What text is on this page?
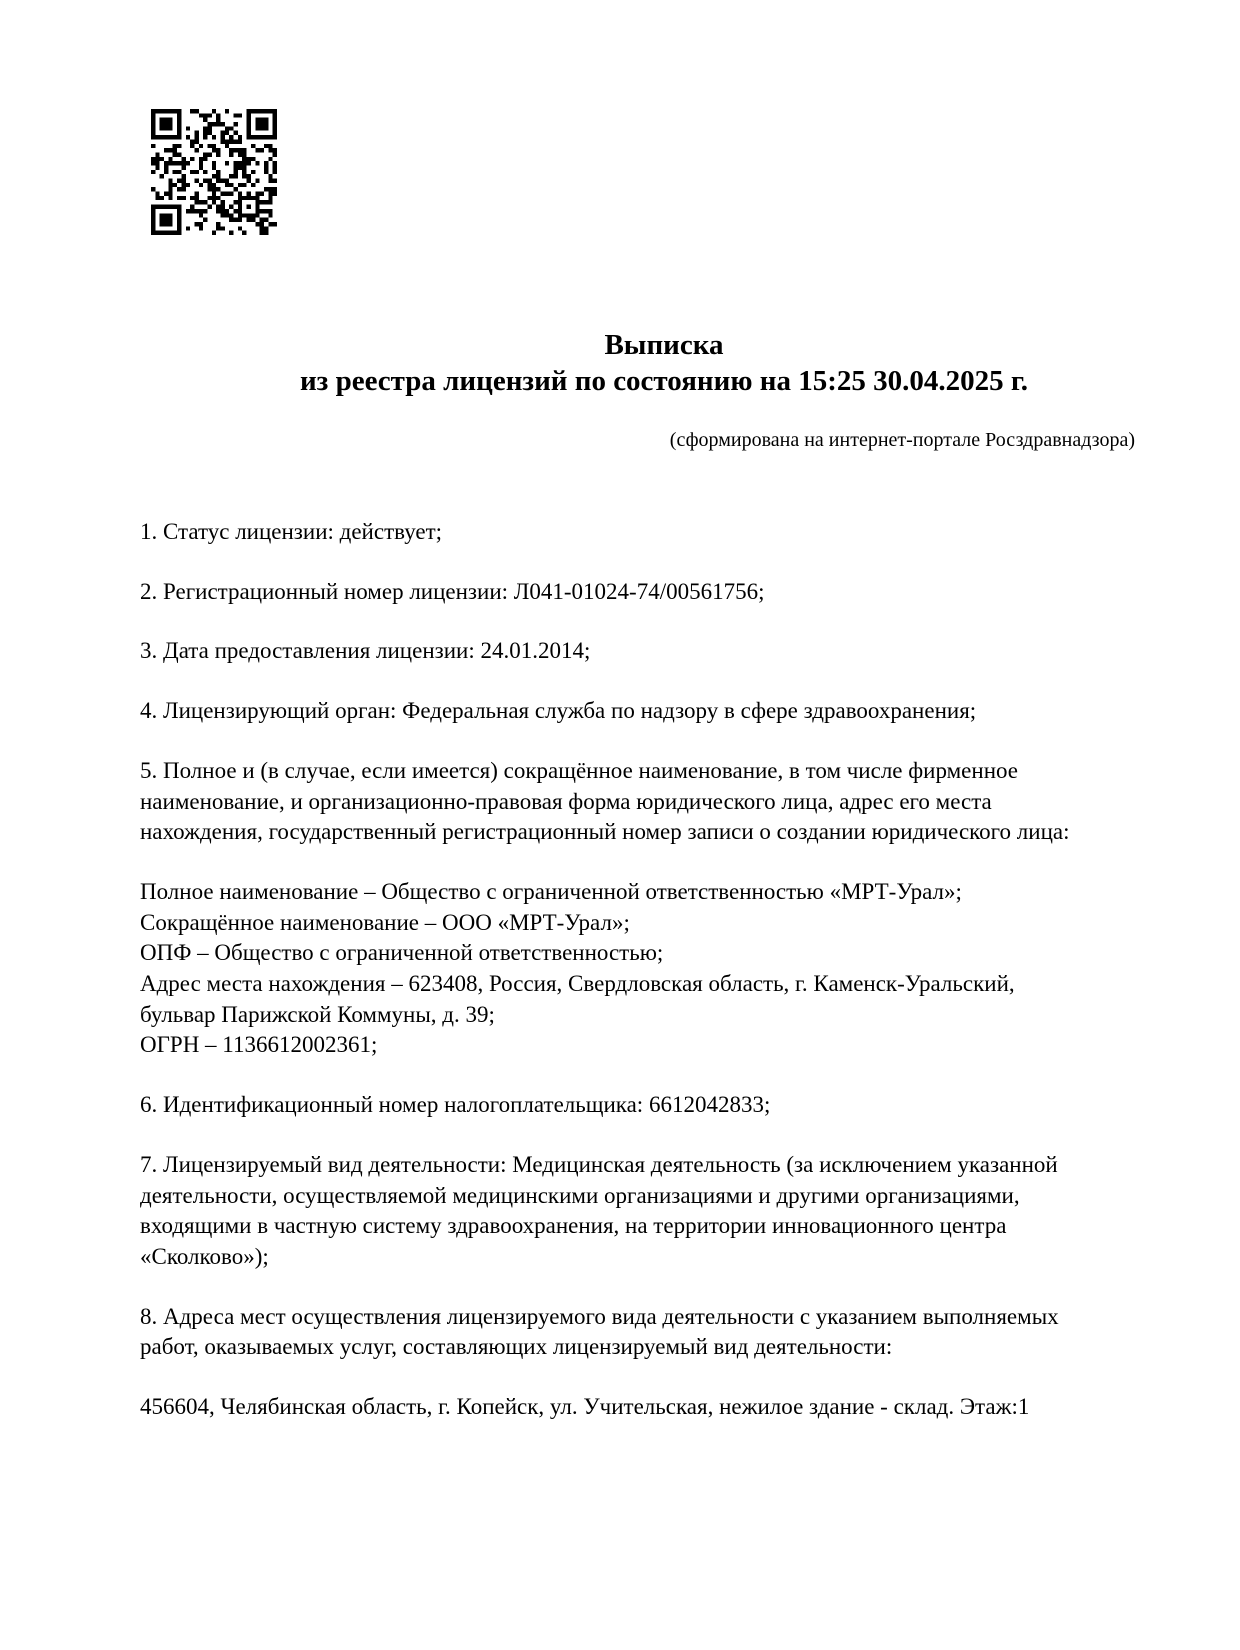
Выписка
из реестра лицензий по состоянию на 15:25 30.04.2025 г.
(сформирована на интернет-портале Росздравнадзора)

1. Статус лицензии: действует;

2. Регистрационный номер лицензии: Л041-01024-74/00561756;

3. Дата предоставления лицензии: 24.01.2014;

4. Лицензирующий орган: Федеральная служба по надзору в сфере здравоохранения;

5. Полное и (в случае, если имеется) сокращённое наименование, в том числе фирменное
наименование, и организационно-правовая форма юридического лица, адрес его места
нахождения, государственный регистрационный номер записи о создании юридического лица:

Полное наименование – Общество с ограниченной ответственностью «МРТ-Урал»;
Сокращённое наименование – ООО «МРТ-Урал»;
ОПФ – Общество с ограниченной ответственностью;
Адрес места нахождения – 623408, Россия, Свердловская область, г. Каменск-Уральский,
бульвар Парижской Коммуны, д. 39;
ОГРН – 1136612002361;

6. Идентификационный номер налогоплательщика: 6612042833;

7. Лицензируемый вид деятельности: Медицинская деятельность (за исключением указанной
деятельности, осуществляемой медицинскими организациями и другими организациями,
входящими в частную систему здравоохранения, на территории инновационного центра
«Сколково»);

8. Адреса мест осуществления лицензируемого вида деятельности с указанием выполняемых
работ, оказываемых услуг, составляющих лицензируемый вид деятельности:

456604, Челябинская область, г. Копейск, ул. Учительская, нежилое здание - склад. Этаж:1
